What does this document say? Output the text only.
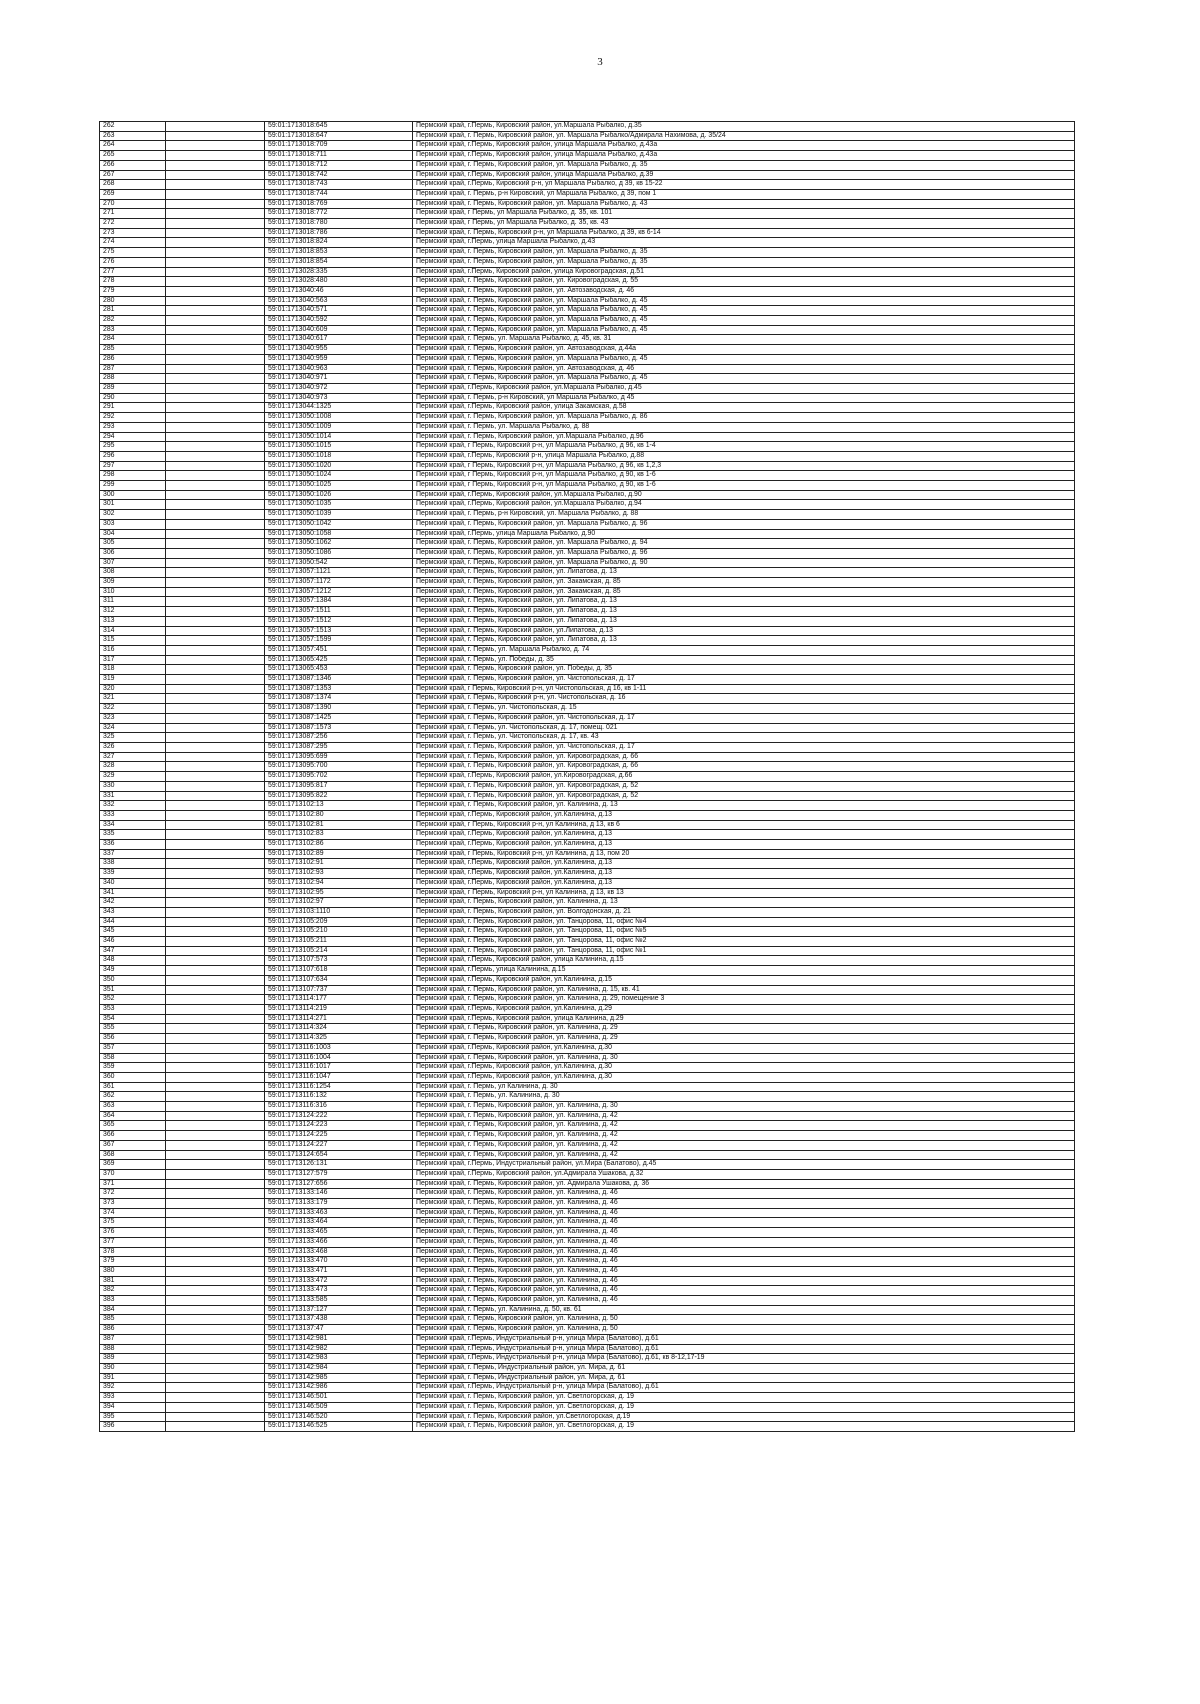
3
262		59:01:1713018:645	Пермский край, г.Пермь, Кировский район, ул.Маршала Рыбалко, д.35
263		59:01:1713018:647	Пермский край, г. Пермь, Кировский район, ул. Маршала Рыбалко/Адмирала Нахимова, д. 35/24
264		59:01:1713018:709	Пермский край, г.Пермь, Кировский район, улица Маршала Рыбалко, д.43а
265		59:01:1713018:711	Пермский край, г.Пермь, Кировский район, улица Маршала Рыбалко, д.43а
266		59:01:1713018:712	Пермский край, г. Пермь, Кировский район, ул. Маршала Рыбалко, д. 35
267		59:01:1713018:742	Пермский край, г.Пермь, Кировский район, улица Маршала Рыбалко, д.39
268		59:01:1713018:743	Пермский край, г.Пермь, Кировский р-н, ул Маршала Рыбалко, д 39, кв 15-22
269		59:01:1713018:744	Пермский край, г. Пермь, р-н Кировский, ул Маршала Рыбалко, д 39, пом 1
270		59:01:1713018:769	Пермский край, г. Пермь, Кировский район, ул. Маршала Рыбалко, д. 43
271		59:01:1713018:772	Пермский край, г Пермь, ул Маршала Рыбалко, д. 35, кв. 101
272		59:01:1713018:780	Пермский край, г Пермь, ул Маршала Рыбалко, д. 35, кв. 43
273		59:01:1713018:786	Пермский край, г. Пермь, Кировский р-н, ул Маршала Рыбалко, д 39, кв 6-14
274		59:01:1713018:824	Пермский край, г.Пермь, улица Маршала Рыбалко, д.43
275		59:01:1713018:853	Пермский край, г. Пермь, Кировский район, ул. Маршала Рыбалко, д. 35
276		59:01:1713018:854	Пермский край, г. Пермь, Кировский район, ул. Маршала Рыбалко, д. 35
277		59:01:1713028:335	Пермский край, г.Пермь, Кировский район, улица Кировоградская, д.51
278		59:01:1713028:480	Пермский край, г. Пермь, Кировский район, ул. Кировоградская, д. 55
279		59:01:1713040:46	Пермский край, г. Пермь, Кировский район, ул. Автозаводская, д. 46
280		59:01:1713040:563	Пермский край, г. Пермь, Кировский район, ул. Маршала Рыбалко, д. 45
281		59:01:1713040:571	Пермский край, г. Пермь, Кировский район, ул. Маршала Рыбалко, д. 45
282		59:01:1713040:592	Пермский край, г. Пермь, Кировский район, ул. Маршала Рыбалко, д. 45
283		59:01:1713040:609	Пермский край, г. Пермь, Кировский район, ул. Маршала Рыбалко, д. 45
284		59:01:1713040:617	Пермский край, г. Пермь, ул. Маршала Рыбалко, д. 45, кв. 31
285		59:01:1713040:955	Пермский край, г. Пермь, Кировский район, ул. Автозаводская, д.44а
286		59:01:1713040:959	Пермский край, г. Пермь, Кировский район, ул. Маршала Рыбалко, д. 45
287		59:01:1713040:963	Пермский край, г. Пермь, Кировский район, ул. Автозаводская, д. 46
288		59:01:1713040:971	Пермский край, г. Пермь, Кировский район, ул. Маршала Рыбалко, д. 45
289		59:01:1713040:972	Пермский край, г.Пермь, Кировский район, ул.Маршала Рыбалко, д.45
290		59:01:1713040:973	Пермский край, г. Пермь, р-н Кировский, ул Маршала Рыбалко, д 45
291		59:01:1713044:1325	Пермский край, г.Пермь, Кировский район, улица Закамская, д.58
292		59:01:1713050:1008	Пермский край, г. Пермь, Кировский район, ул. Маршала Рыбалко, д. 86
293		59:01:1713050:1009	Пермский край, г. Пермь, ул. Маршала Рыбалко, д. 88
294		59:01:1713050:1014	Пермский край, г. Пермь, Кировский район, ул.Маршала Рыбалко, д.96
295		59:01:1713050:1015	Пермский край, г Пермь, Кировский р-н, ул Маршала Рыбалко, д 96, кв 1-4
296		59:01:1713050:1018	Пермский край, г.Пермь, Кировский р-н, улица Маршала Рыбалко, д.88
297		59:01:1713050:1020	Пермский край, г Пермь, Кировский р-н, ул Маршала Рыбалко, д 96, кв 1,2,3
298		59:01:1713050:1024	Пермский край, г Пермь, Кировский р-н, ул Маршала Рыбалко, д 90, кв 1-6
299		59:01:1713050:1025	Пермский край, г Пермь, Кировский р-н, ул Маршала Рыбалко, д 90, кв 1-6
300		59:01:1713050:1026	Пермский край, г.Пермь, Кировский район, ул.Маршала Рыбалко, д.90
301		59:01:1713050:1035	Пермский край, г.Пермь, Кировский район, ул.Маршала Рыбалко, д.94
302		59:01:1713050:1039	Пермский край, г. Пермь, р-н Кировский, ул. Маршала Рыбалко, д. 88
303		59:01:1713050:1042	Пермский край, г. Пермь, Кировский район, ул. Маршала Рыбалко, д. 96
304		59:01:1713050:1058	Пермский край, г.Пермь, улица Маршала Рыбалко, д.90
305		59:01:1713050:1062	Пермский край, г. Пермь, Кировский район, ул. Маршала Рыбалко, д. 94
306		59:01:1713050:1086	Пермский край, г. Пермь, Кировский район, ул. Маршала Рыбалко, д. 96
307		59:01:1713050:542	Пермский край, г. Пермь, Кировский район, ул. Маршала Рыбалко, д. 90
308		59:01:1713057:1121	Пермский край, г. Пермь, Кировский район, ул. Липатова, д. 13
309		59:01:1713057:1172	Пермский край, г. Пермь, Кировский район, ул. Закамская, д. 85
310		59:01:1713057:1212	Пермский край, г. Пермь, Кировский район, ул. Закамская, д. 85
311		59:01:1713057:1384	Пермский край, г. Пермь, Кировский район, ул. Липатова, д. 13
312		59:01:1713057:1511	Пермский край, г. Пермь, Кировский район, ул. Липатова, д. 13
313		59:01:1713057:1512	Пермский край, г. Пермь, Кировский район, ул. Липатова, д. 13
314		59:01:1713057:1513	Пермский край, г. Пермь, Кировский район, ул.Липатова, д.13
315		59:01:1713057:1599	Пермский край, г. Пермь, Кировский район, ул. Липатова, д. 13
316		59:01:1713057:451	Пермский край, г. Пермь, ул. Маршала Рыбалко, д. 74
317		59:01:1713065:425	Пермский край, г. Пермь, ул. Победы, д. 35
318		59:01:1713065:453	Пермский край, г. Пермь, Кировский район, ул. Победы, д. 35
319		59:01:1713087:1346	Пермский край, г. Пермь, Кировский район, ул. Чистопольская, д. 17
320		59:01:1713087:1353	Пермский край, г Пермь, Кировский р-н, ул Чистопольская, д 16, кв 1-11
321		59:01:1713087:1374	Пермский край, г. Пермь, Кировский р-н, ул. Чистопольская, д. 16
322		59:01:1713087:1390	Пермский край, г. Пермь, ул. Чистопольская, д. 15
323		59:01:1713087:1425	Пермский край, г. Пермь, Кировский район, ул. Чистопольская, д. 17
324		59:01:1713087:1573	Пермский край, г. Пермь, ул. Чистопольская, д. 17, помещ. 021
325		59:01:1713087:256	Пермский край, г. Пермь, ул. Чистопольская, д. 17, кв. 43
326		59:01:1713087:295	Пермский край, г. Пермь, Кировский район, ул. Чистопольская, д. 17
327		59:01:1713095:699	Пермский край, г. Пермь, Кировский район, ул. Кировоградская, д. 66
328		59:01:1713095:700	Пермский край, г. Пермь, Кировский район, ул. Кировоградская, д. 66
329		59:01:1713095:702	Пермский край, г.Пермь, Кировский район, ул.Кировоградская, д.66
330		59:01:1713095:817	Пермский край, г. Пермь, Кировский район, ул. Кировоградская, д. 52
331		59:01:1713095:822	Пермский край, г. Пермь, Кировский район, ул. Кировоградская, д. 52
332		59:01:1713102:13	Пермский край, г. Пермь, Кировский район, ул. Калинина, д. 13
333		59:01:1713102:80	Пермский край, г.Пермь, Кировский район, ул.Калинина, д.13
334		59:01:1713102:81	Пермский край, г Пермь, Кировский р-н, ул Калинина, д 13, кв 6
335		59:01:1713102:83	Пермский край, г.Пермь, Кировский район, ул.Калинина, д.13
336		59:01:1713102:86	Пермский край, г.Пермь, Кировский район, ул.Калинина, д.13
337		59:01:1713102:89	Пермский край, г Пермь, Кировский р-н, ул Калинина, д 13, пом 20
338		59:01:1713102:91	Пермский край, г.Пермь, Кировский район, ул.Калинина, д.13
339		59:01:1713102:93	Пермский край, г.Пермь, Кировский район, ул.Калинина, д.13
340		59:01:1713102:94	Пермский край, г.Пермь, Кировский район, ул.Калинина, д.13
341		59:01:1713102:95	Пермский край, г Пермь, Кировский р-н, ул Калинина, д 13, кв 13
342		59:01:1713102:97	Пермский край, г. Пермь, Кировский район, ул. Калинина, д. 13
343		59:01:1713103:1110	Пермский край, г. Пермь, Кировский район, ул. Волгодонская, д. 21
344		59:01:1713105:209	Пермский край, г. Пермь, Кировский район, ул. Танцорова, 11, офис №4
345		59:01:1713105:210	Пермский край, г. Пермь, Кировский район, ул. Танцорова, 11, офис №5
346		59:01:1713105:211	Пермский край, г. Пермь, Кировский район, ул. Танцорова, 11, офис №2
347		59:01:1713105:214	Пермский край, г. Пермь, Кировский район, ул. Танцорова, 11, офис №1
348		59:01:1713107:573	Пермский край, г.Пермь, Кировский район, улица Калинина, д.15
349		59:01:1713107:618	Пермский край, г.Пермь, улица Калинина, д.15
350		59:01:1713107:634	Пермский край, г.Пермь, Кировский район, ул.Калинина, д.15
351		59:01:1713107:737	Пермский край, г. Пермь, Кировский район, ул. Калинина, д. 15, кв. 41
352		59:01:1713114:177	Пермский край, г. Пермь, Кировский район, ул. Калинина, д. 29, помещение 3
353		59:01:1713114:219	Пермский край, г.Пермь, Кировский район, ул.Калинина, д.29
354		59:01:1713114:271	Пермский край, г.Пермь, Кировский район, улица Калинина, д.29
355		59:01:1713114:324	Пермский край, г. Пермь, Кировский район, ул. Калинина, д. 29
356		59:01:1713114:325	Пермский край, г. Пермь, Кировский район, ул. Калинина, д. 29
357		59:01:1713116:1003	Пермский край, г.Пермь, Кировский район, ул.Калинина, д.30
358		59:01:1713116:1004	Пермский край, г. Пермь, Кировский район, ул. Калинина, д. 30
359		59:01:1713116:1017	Пермский край, г.Пермь, Кировский район, ул.Калинина, д.30
360		59:01:1713116:1047	Пермский край, г.Пермь, Кировский район, ул.Калинина, д.30
361		59:01:1713116:1254	Пермский край, г. Пермь, ул Калинина, д. 30
362		59:01:1713116:132	Пермский край, г. Пермь, ул. Калинина, д. 30
363		59:01:1713116:316	Пермский край, г. Пермь, Кировский район, ул. Калинина, д. 30
364		59:01:1713124:222	Пермский край, г. Пермь, Кировский район, ул. Калинина, д. 42
365		59:01:1713124:223	Пермский край, г. Пермь, Кировский район, ул. Калинина, д. 42
366		59:01:1713124:225	Пермский край, г. Пермь, Кировский район, ул. Калинина, д. 42
367		59:01:1713124:227	Пермский край, г. Пермь, Кировский район, ул. Калинина, д. 42
368		59:01:1713124:654	Пермский край, г. Пермь, Кировский район, ул. Калинина, д. 42
369		59:01:1713126:131	Пермский край, г.Пермь, Индустриальный район, ул.Мира (Балатово), д.45
370		59:01:1713127:579	Пермский край, г.Пермь, Кировский район, ул.Адмирала Ушакова, д.32
371		59:01:1713127:656	Пермский край, г. Пермь, Кировский район, ул. Адмирала Ушакова, д. 36
372		59:01:1713133:146	Пермский край, г. Пермь, Кировский район, ул. Калинина, д. 46
373		59:01:1713133:179	Пермский край, г. Пермь, Кировский район, ул. Калинина, д. 46
374		59:01:1713133:463	Пермский край, г. Пермь, Кировский район, ул. Калинина, д. 46
375		59:01:1713133:464	Пермский край, г. Пермь, Кировский район, ул. Калинина, д. 46
376		59:01:1713133:465	Пермский край, г. Пермь, Кировский район, ул. Калинина, д. 46
377		59:01:1713133:466	Пермский край, г. Пермь, Кировский район, ул. Калинина, д. 46
378		59:01:1713133:468	Пермский край, г. Пермь, Кировский район, ул. Калинина, д. 46
379		59:01:1713133:470	Пермский край, г. Пермь, Кировский район, ул. Калинина, д. 46
380		59:01:1713133:471	Пермский край, г. Пермь, Кировский район, ул. Калинина, д. 46
381		59:01:1713133:472	Пермский край, г. Пермь, Кировский район, ул. Калинина, д. 46
382		59:01:1713133:473	Пермский край, г. Пермь, Кировский район, ул. Калинина, д. 46
383		59:01:1713133:585	Пермский край, г. Пермь, Кировский район, ул. Калинина, д. 46
384		59:01:1713137:127	Пермский край, г. Пермь, ул. Калинина, д. 50, кв. 61
385		59:01:1713137:438	Пермский край, г. Пермь, Кировский район, ул. Калинина, д. 50
386		59:01:1713137:47	Пермский край, г. Пермь, Кировский район, ул. Калинина, д. 50
387		59:01:1713142:981	Пермский край, г.Пермь, Индустриальный р-н, улица Мира (Балатово), д.61
388		59:01:1713142:982	Пермский край, г.Пермь, Индустриальный р-н, улица Мира (Балатово), д.61
389		59:01:1713142:983	Пермский край, г.Пермь, Индустриальный р-н, улица Мира (Балатово), д.61, кв 8-12,17-19
390		59:01:1713142:984	Пермский край, г. Пермь, Индустриальный район, ул. Мира, д. 61
391		59:01:1713142:985	Пермский край, г. Пермь, Индустриальный район, ул. Мира, д. 61
392		59:01:1713142:986	Пермский край, г.Пермь, Индустриальный р-н, улица Мира (Балатово), д.61
393		59:01:1713146:501	Пермский край, г. Пермь, Кировский район, ул. Светлогорская, д. 19
394		59:01:1713146:509	Пермский край, г. Пермь, Кировский район, ул. Светлогорская, д. 19
395		59:01:1713146:520	Пермский край, г. Пермь, Кировский район, ул.Светлогорская, д.19
396		59:01:1713146:525	Пермский край, г. Пермь, Кировский район, ул. Светлогорская, д. 19
